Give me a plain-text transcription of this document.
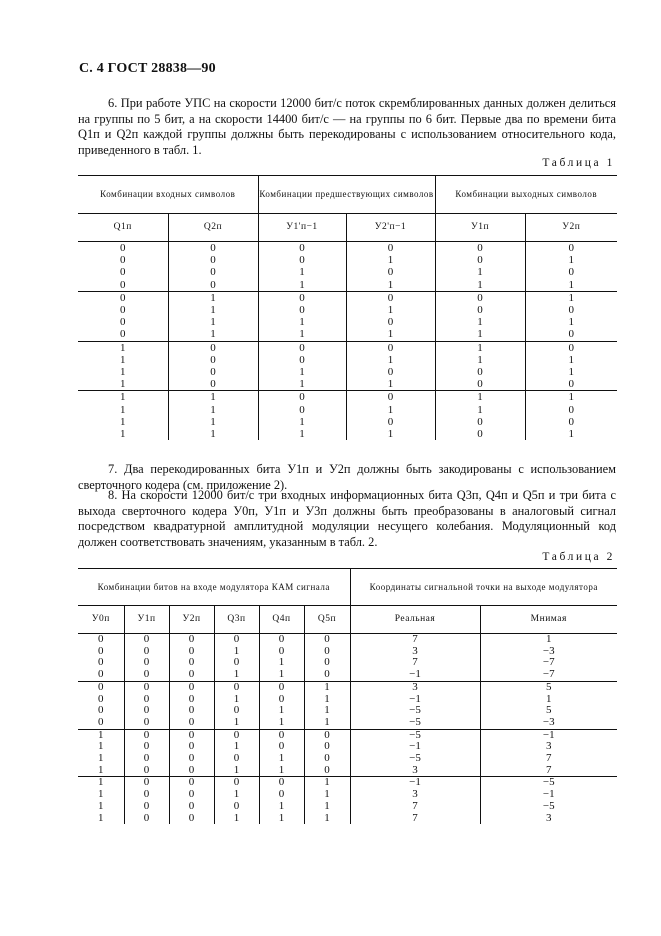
С. 4 ГОСТ 28838—90

6. При работе УПС на скорости 12000 бит/с поток скремблированных данных должен делиться на группы по 5 бит, а на скорости 14400 бит/с — на группы по 6 бит. Первые два по времени бита Q1п и Q2п каждой группы должны быть перекодированы с использованием относительного кода, приведенного в табл. 1.

Таблица 1
Комбинации входных символов		Комбинации предшествующих символов		Комбинации выходных символов	
Q1п	Q2п	У1'п−1	У2'п−1	У1п	У2п
0	0	0	0	0	0
0	0	0	1	0	1
0	0	1	0	1	0
0	0	1	1	1	1
0	1	0	0	0	1
0	1	0	1	0	0
0	1	1	0	1	1
0	1	1	1	1	0
1	0	0	0	1	0
1	0	0	1	1	1
1	0	1	0	0	1
1	0	1	1	0	0
1	1	0	0	1	1
1	1	0	1	1	0
1	1	1	0	0	0
1	1	1	1	0	1

7. Два перекодированных бита У1п и У2п должны быть закодированы с использованием сверточного кодера (см. приложение 2).

8. На скорости 12000 бит/с три входных информационных бита Q3п, Q4п и Q5п и три бита с выхода сверточного кодера У0п, У1п и У3п должны быть преобразованы в аналоговый сигнал посредством квадратурной амплитудной модуляции несущего колебания. Модуляционный код должен соответствовать значениям, указанным в табл. 2.

Таблица 2
Комбинации битов на входе модулятора КАМ сигнала						Координаты сигнальной точки на выходе модулятора	
У0п	У1п	У2п	Q3п	Q4п	Q5п	Реальная	Мнимая
0	0	0	0	0	0	7	1
0	0	0	1	0	0	3	−3
0	0	0	0	1	0	7	−7
0	0	0	1	1	0	−1	−7
0	0	0	0	0	1	3	5
0	0	0	1	0	1	−1	1
0	0	0	0	1	1	−5	5
0	0	0	1	1	1	−5	−3
1	0	0	0	0	0	−5	−1
1	0	0	1	0	0	−1	3
1	0	0	0	1	0	−5	7
1	0	0	1	1	0	3	7
1	0	0	0	0	1	−1	−5
1	0	0	1	0	1	3	−1
1	0	0	0	1	1	7	−5
1	0	0	1	1	1	7	3
